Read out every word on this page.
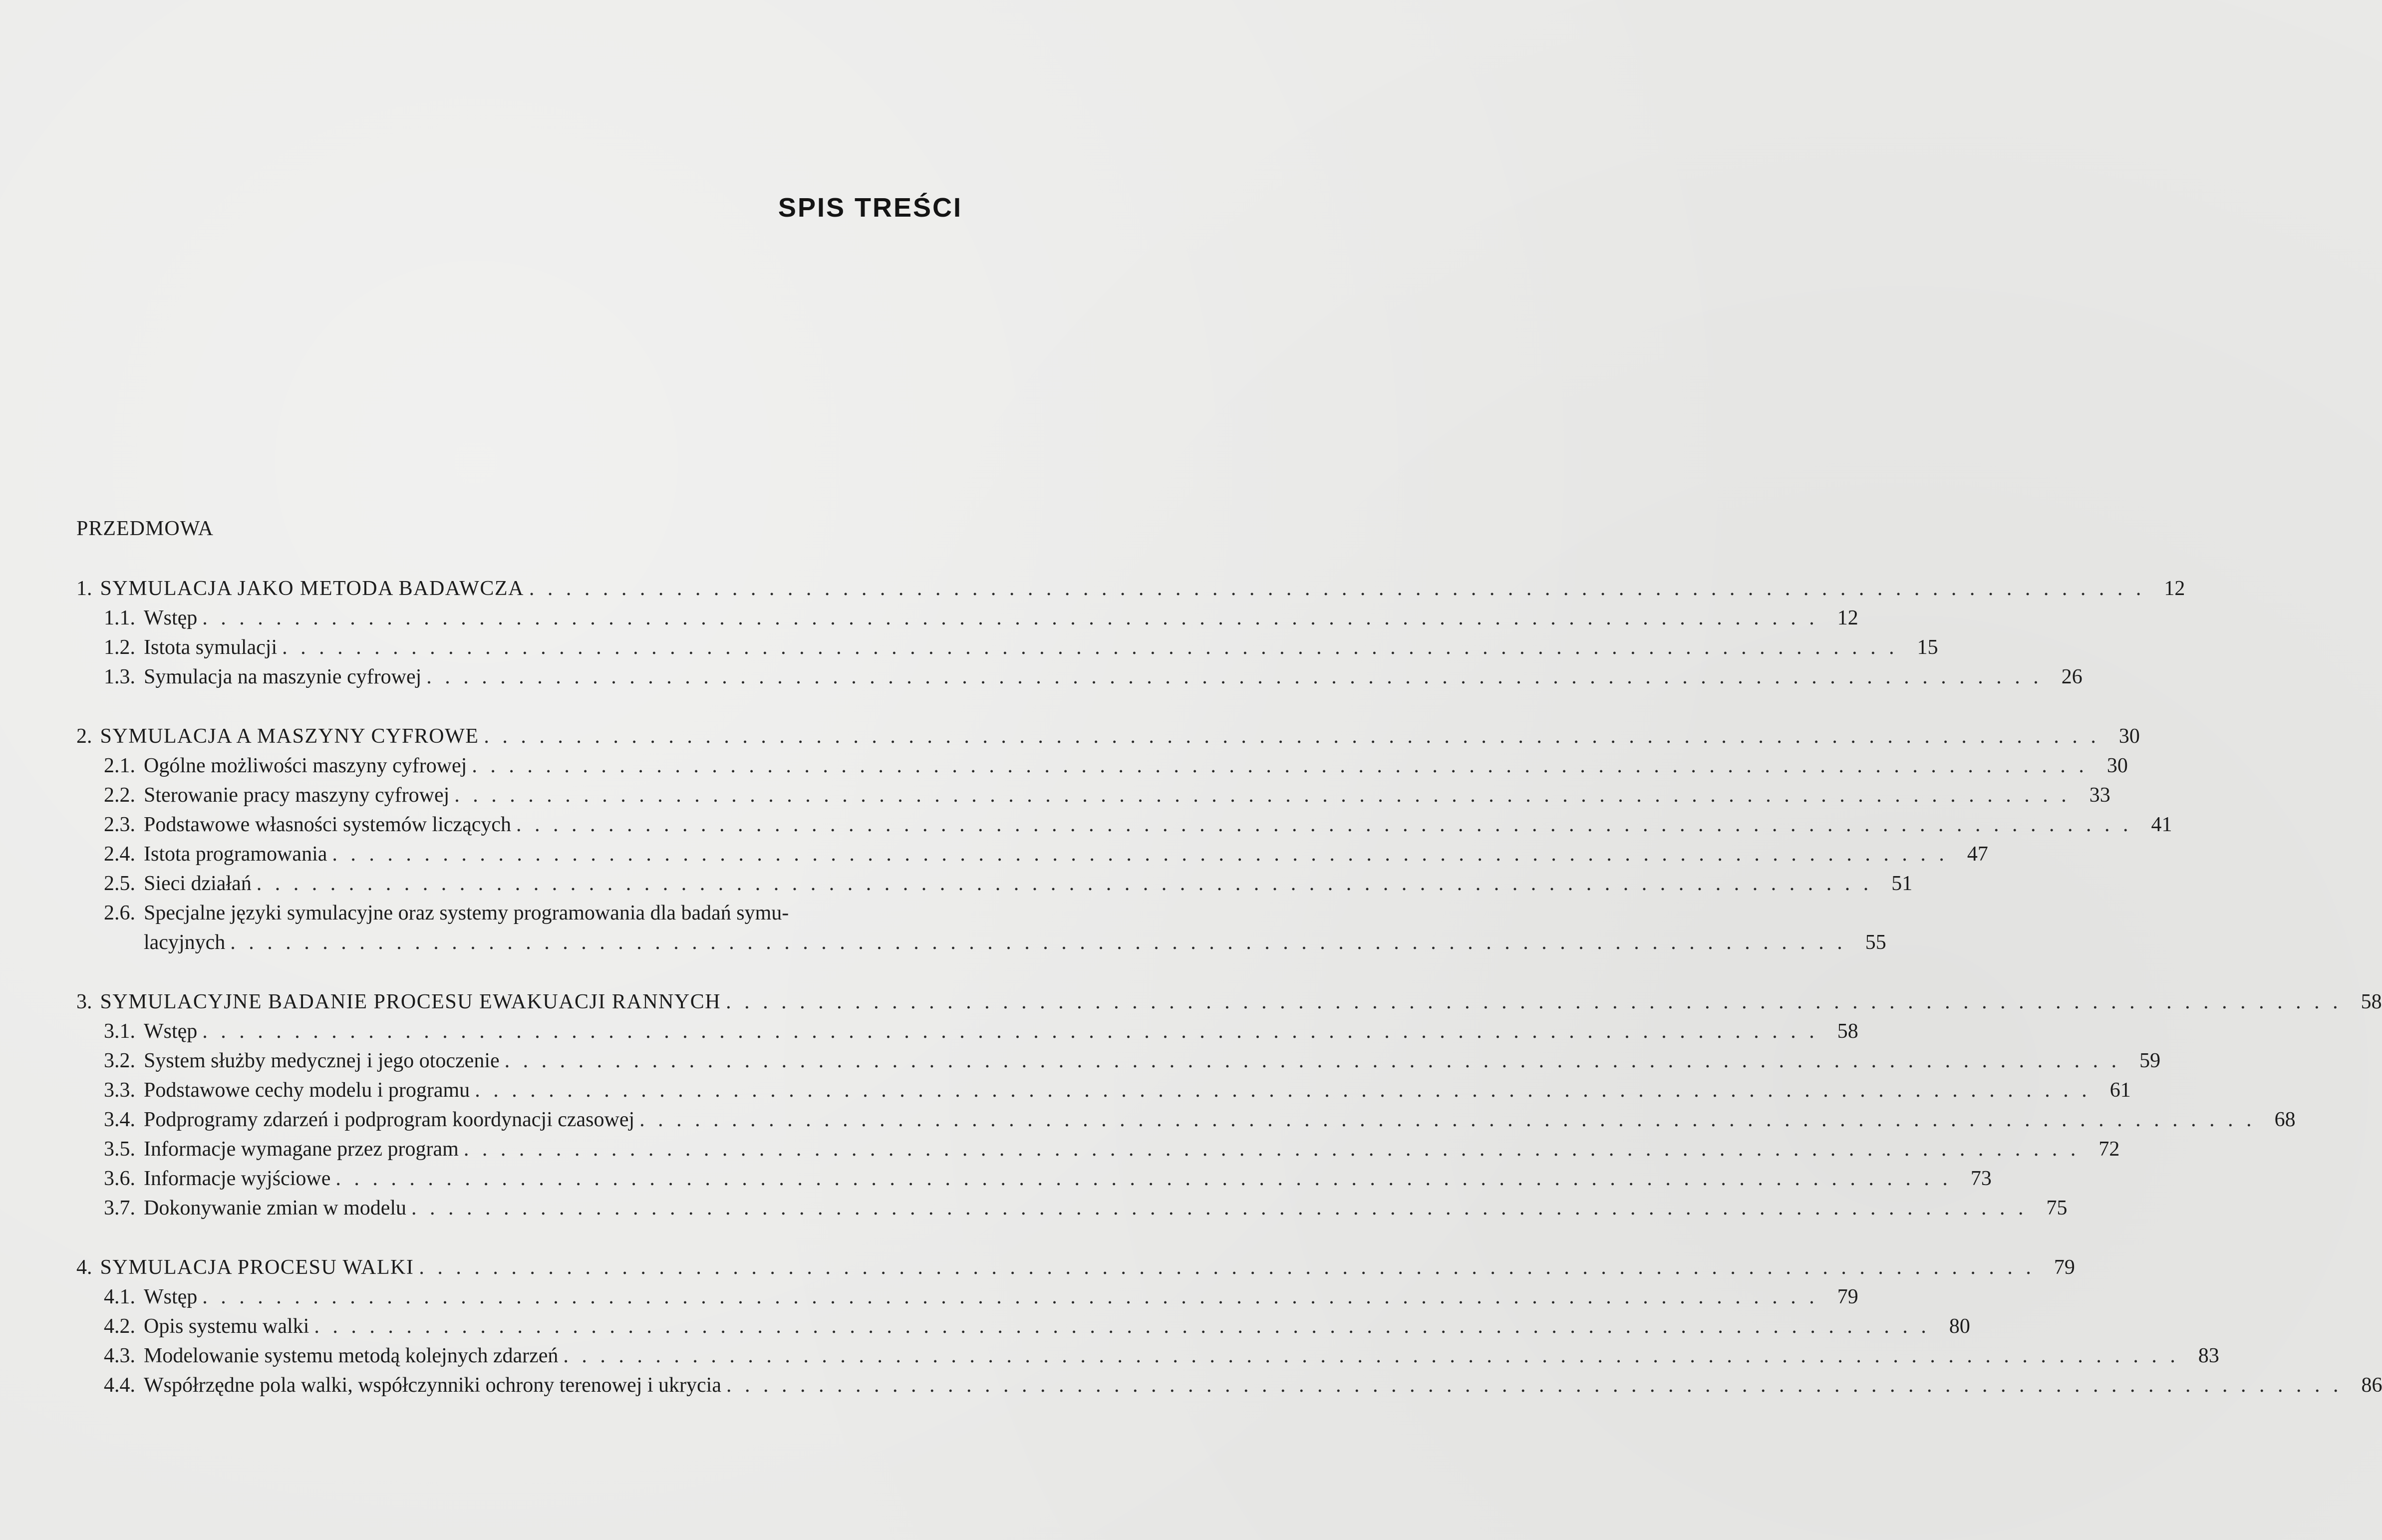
SPIS TREŚCI
PRZEDMOWA
1. SYMULACJA JAKO METODA BADAWCZA . . .	12
1.1. Wstęp . . .	12
1.2. Istota symulacji . . .	15
1.3. Symulacja na maszynie cyfrowej . . .	26
2. SYMULACJA A MASZYNY CYFROWE . . .	30
2.1. Ogólne możliwości maszyny cyfrowej . . .	30
2.2. Sterowanie pracy maszyny cyfrowej . . .	33
2.3. Podstawowe własności systemów liczących . . .	41
2.4. Istota programowania . . .	47
2.5. Sieci działań . . .	51
2.6. Specjalne języki symulacyjne oraz systemy programowania dla badań symu-
lacyjnych . . .	55
3. SYMULACYJNE BADANIE PROCESU EWAKUACJI RANNYCH . . .	58
3.1. Wstęp . . .	58
3.2. System służby medycznej i jego otoczenie . . .	59
3.3. Podstawowe cechy modelu i programu . . .	61
3.4. Podprogramy zdarzeń i podprogram koordynacji czasowej . . .	68
3.5. Informacje wymagane przez program . . .	72
3.6. Informacje wyjściowe . . .	73
3.7. Dokonywanie zmian w modelu . . .	75
4. SYMULACJA PROCESU WALKI . . .	79
4.1. Wstęp . . .	79
4.2. Opis systemu walki . . .	80
4.3. Modelowanie systemu metodą kolejnych zdarzeń . . .	83
4.4. Współrzędne pola walki, współczynniki ochrony terenowej i ukrycia . . .	86
